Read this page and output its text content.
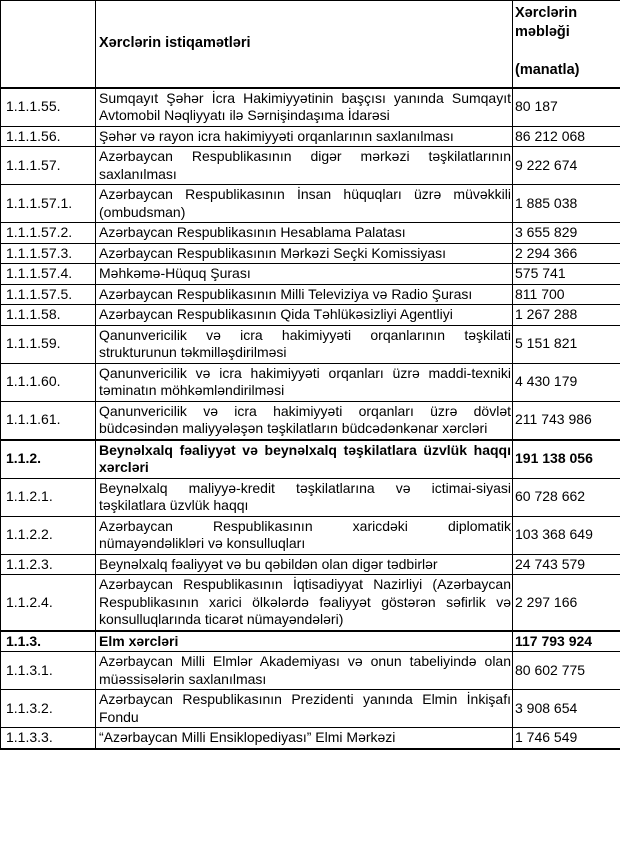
	Xərclərin istiqamətləri	Xərclərin məbləği
(manatla)

1.1.1.55.	Sumqayıt Şəhər İcra Hakimiyyətinin başçısı yanında Sumqayıt Avtomobil Nəqliyyatı ilə Sərnişindaşıma İdarəsi	80 187
1.1.1.56.	Şəhər və rayon icra hakimiyyəti orqanlarının saxlanılması	86 212 068
1.1.1.57.	Azərbaycan Respublikasının digər mərkəzi təşkilatlarının saxlanılması	9 222 674
1.1.1.57.1.	Azərbaycan Respublikasının İnsan hüquqları üzrə müvəkkili (ombudsman)	1 885 038
1.1.1.57.2.	Azərbaycan Respublikasının Hesablama Palatası	3 655 829
1.1.1.57.3.	Azərbaycan Respublikasının Mərkəzi Seçki Komissiyası	2 294 366
1.1.1.57.4.	Məhkəmə-Hüquq Şurası	575 741
1.1.1.57.5.	Azərbaycan Respublikasının Milli Televiziya və Radio Şurası	811 700
1.1.1.58.	Azərbaycan Respublikasının Qida Təhlükəsizliyi Agentliyi	1 267 288
1.1.1.59.	Qanunvericilik və icra hakimiyyəti orqanlarının təşkilati strukturunun təkmilləşdirilməsi	5 151 821
1.1.1.60.	Qanunvericilik və icra hakimiyyəti orqanları üzrə maddi-texniki təminatın möhkəmləndirilməsi	4 430 179
1.1.1.61.	Qanunvericilik və icra hakimiyyəti orqanları üzrə dövlət büdcəsindən maliyyələşən təşkilatların büdcədənkənar xərcləri	211 743 986
1.1.2.	Beynəlxalq fəaliyyət və beynəlxalq təşkilatlara üzvlük haqqı xərcləri	191 138 056
1.1.2.1.	Beynəlxalq maliyyə-kredit təşkilatlarına və ictimai-siyasi təşkilatlara üzvlük haqqı	60 728 662
1.1.2.2.	Azərbaycan Respublikasının xaricdəki diplomatik nümayəndəlikləri və konsulluqları	103 368 649
1.1.2.3.	Beynəlxalq fəaliyyət və bu qəbildən olan digər tədbirlər	24 743 579
1.1.2.4.	Azərbaycan Respublikasının İqtisadiyyat Nazirliyi (Azərbaycan Respublikasının xarici ölkələrdə fəaliyyət göstərən səfirlik və konsulluqlarında ticarət nümayəndələri)	2 297 166
1.1.3.	Elm xərcləri	117 793 924
1.1.3.1.	Azərbaycan Milli Elmlər Akademiyası və onun tabeliyində olan müəssisələrin saxlanılması	80 602 775
1.1.3.2.	Azərbaycan Respublikasının Prezidenti yanında Elmin İnkişafı Fondu	3 908 654
1.1.3.3.	“Azərbaycan Milli Ensiklopediyası” Elmi Mərkəzi	1 746 549
